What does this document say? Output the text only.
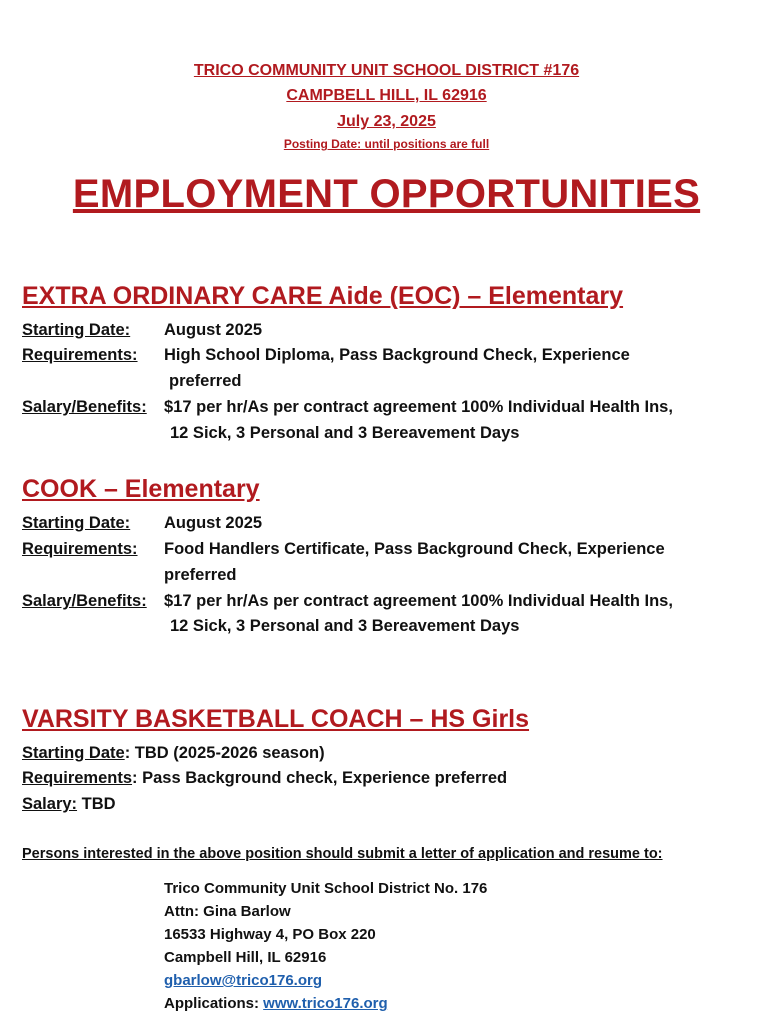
TRICO COMMUNITY UNIT SCHOOL DISTRICT #176
CAMPBELL HILL, IL 62916
July 23, 2025
Posting Date: until positions are full
EMPLOYMENT OPPORTUNITIES
EXTRA ORDINARY CARE Aide (EOC) – Elementary
Starting Date: August 2025
Requirements: High School Diploma, Pass Background Check, Experience
preferred
Salary/Benefits: $17 per hr/As per contract agreement 100% Individual Health Ins,
12 Sick, 3 Personal and 3 Bereavement Days
COOK – Elementary
Starting Date: August 2025
Requirements: Food Handlers Certificate, Pass Background Check, Experience
preferred
Salary/Benefits: $17 per hr/As per contract agreement 100% Individual Health Ins,
12 Sick, 3 Personal and 3 Bereavement Days
VARSITY BASKETBALL COACH – HS Girls
Starting Date: TBD (2025-2026 season)
Requirements: Pass Background check, Experience preferred
Salary: TBD
Persons interested in the above position should submit a letter of application and resume to:
Trico Community Unit School District No. 176
Attn: Gina Barlow
16533 Highway 4, PO Box 220
Campbell Hill, IL 62916
gbarlow@trico176.org
Applications: www.trico176.org
